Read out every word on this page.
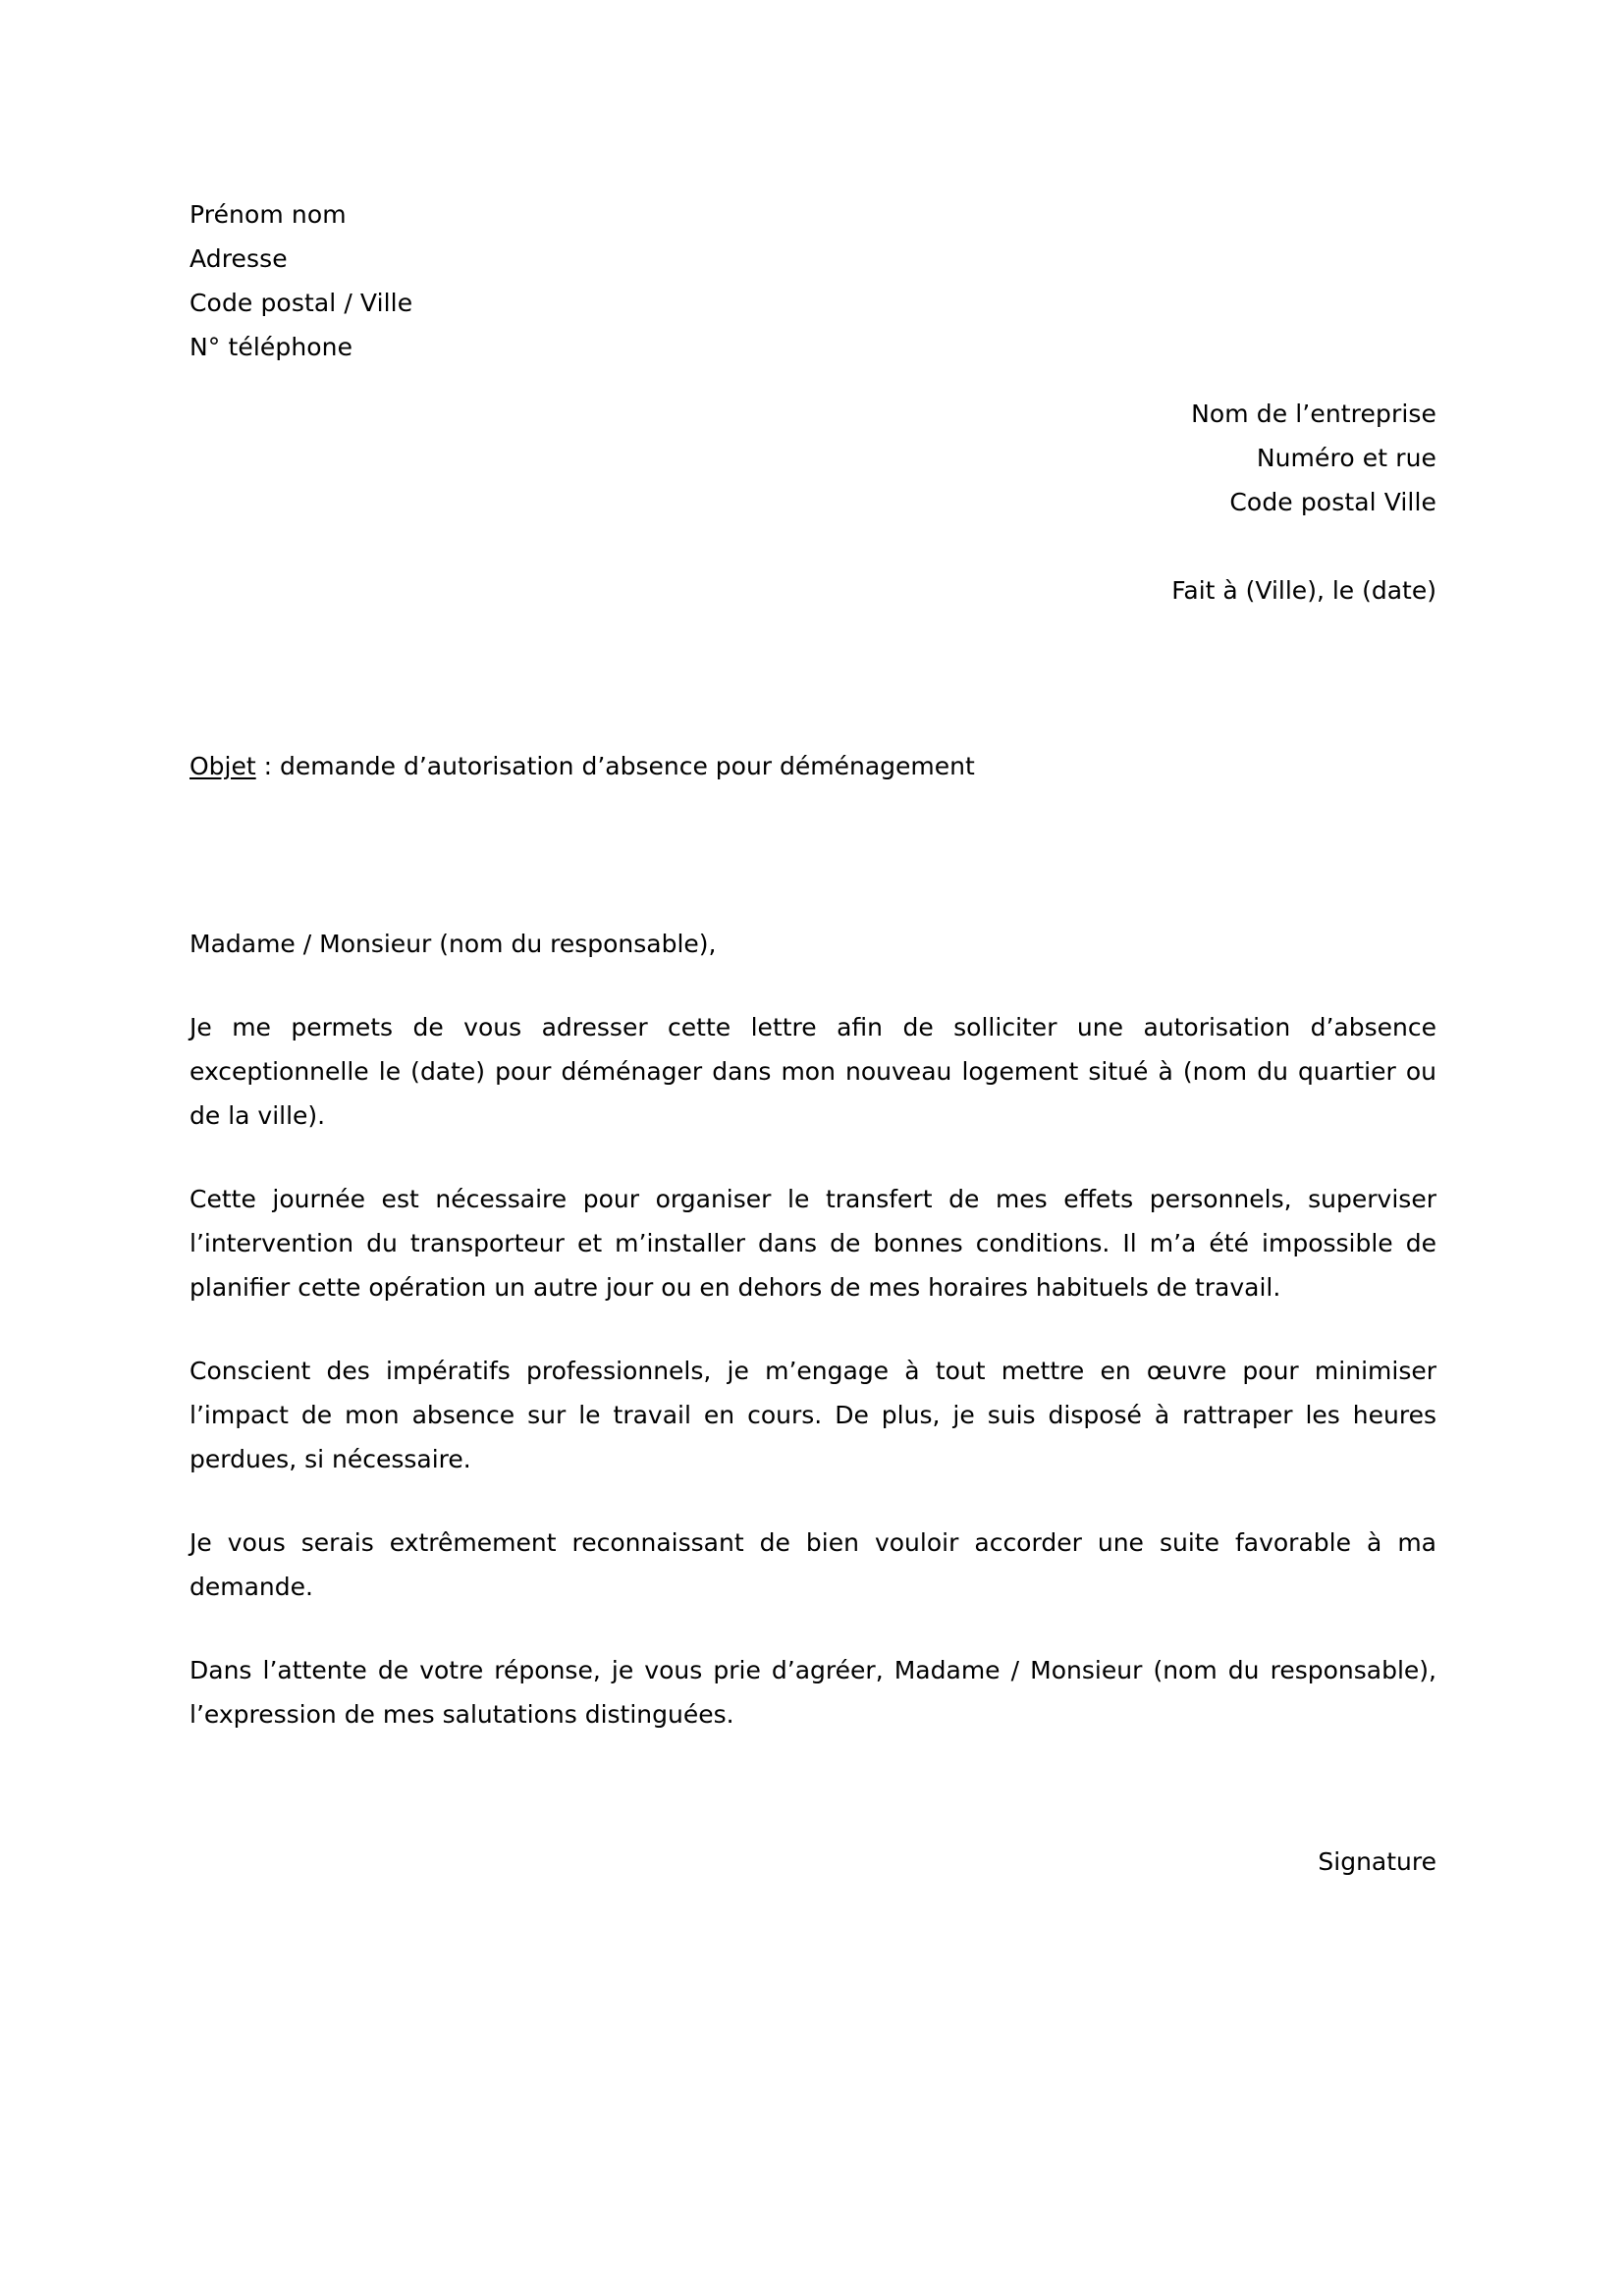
Prénom nom
Adresse
Code postal / Ville
N° téléphone
Nom de l’entreprise
Numéro et rue
Code postal Ville
Fait à (Ville), le (date)
Objet : demande d’autorisation d’absence pour déménagement
Madame / Monsieur (nom du responsable),

Je me permets de vous adresser cette lettre afin de solliciter une autorisation d’absence exceptionnelle le (date) pour déménager dans mon nouveau logement situé à (nom du quartier ou de la ville).

Cette journée est nécessaire pour organiser le transfert de mes effets personnels, superviser l’intervention du transporteur et m’installer dans de bonnes conditions. Il m’a été impossible de planifier cette opération un autre jour ou en dehors de mes horaires habituels de travail.

Conscient des impératifs professionnels, je m’engage à tout mettre en œuvre pour minimiser l’impact de mon absence sur le travail en cours. De plus, je suis disposé à rattraper les heures perdues, si nécessaire.

Je vous serais extrêmement reconnaissant de bien vouloir accorder une suite favorable à ma demande.

Dans l’attente de votre réponse, je vous prie d’agréer, Madame / Monsieur (nom du responsable), l’expression de mes salutations distinguées.

Signature
